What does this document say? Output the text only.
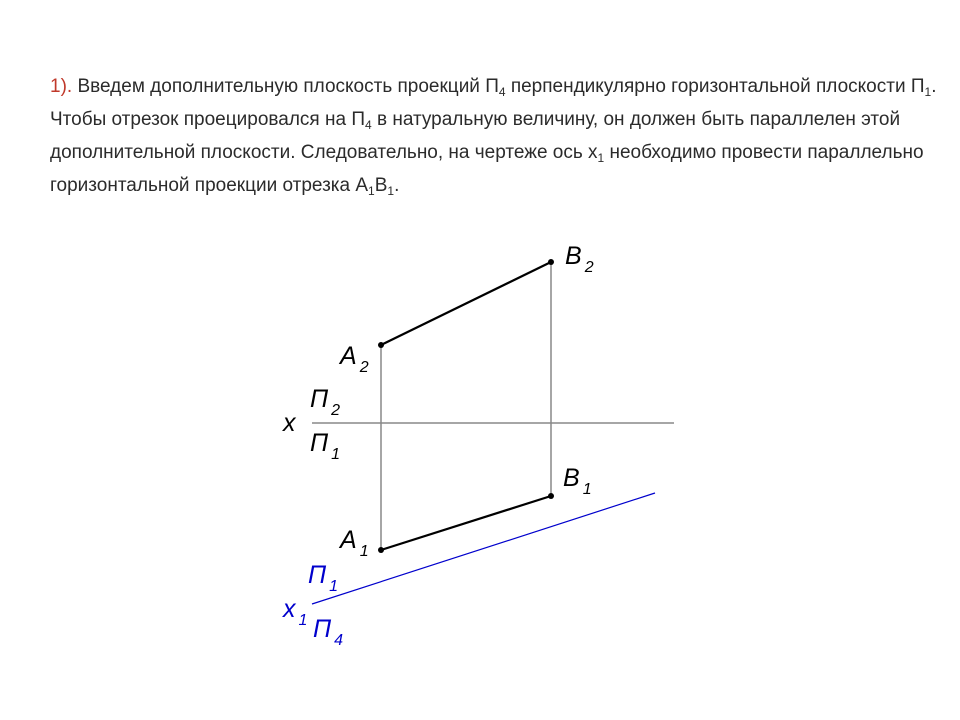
1). Введем дополнительную плоскость проекций $П_4$ перпендикулярно горизонтальной плоскости $П_1$. Чтобы отрезок проецировался на $П_4$ в натуральную величину, он должен быть параллелен этой дополнительной плоскости. Следовательно, на чертеже ось $х_1$ необходимо провести параллельно горизонтальной проекции отрезка $А_1В_1$.
A $_2$
B $_2$
A $_1$
B $_1$
x
П $_2$
П $_1$
П $_1$
x $_1$ П $_4$
